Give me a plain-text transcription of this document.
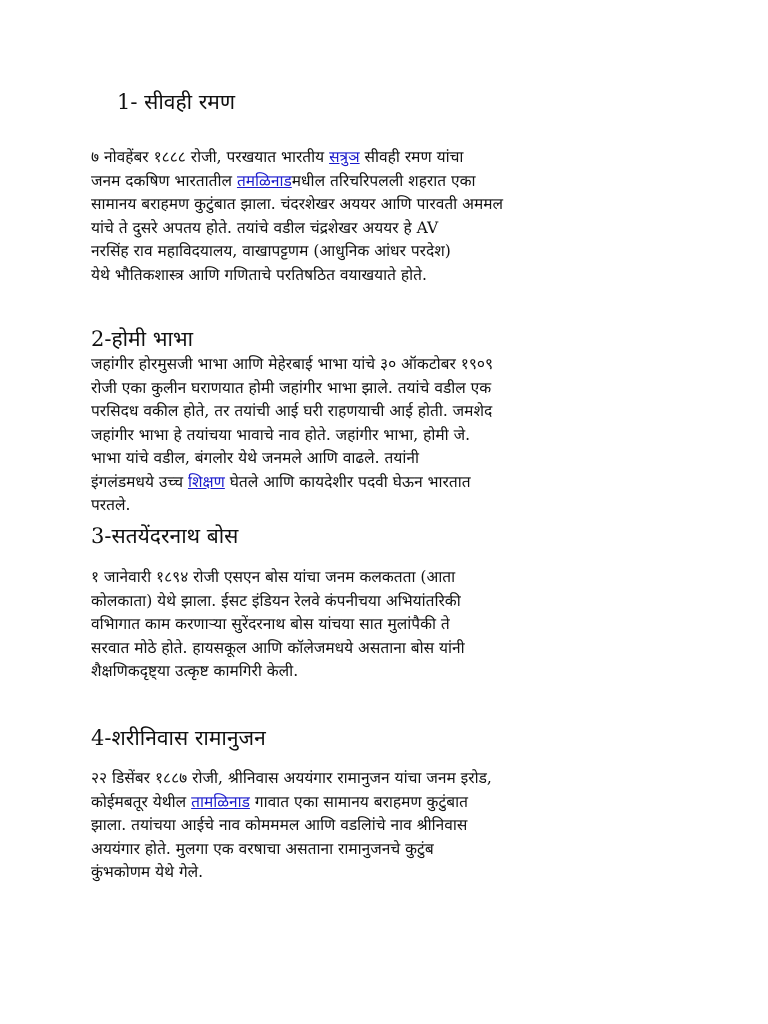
1- सीवही रमण
७ नोवहेंबर १८८८ रोजी, परखयात भारतीय सत्रुञ सीवही रमण यांचा
जनम दकषिण भारतातील तमळिनाडमधील तरिचरिपलली शहरात एका
सामानय बराहमण कुटुंबात झाला. चंदरशेखर अययर आणि पारवती अममल
यांचे ते दुसरे अपतय होते. तयांचे वडील चंद्रशेखर अययर हे AV
नरसिंह राव महाविदयालय, वाखापट्टणम (आधुनिक आंधर परदेश)
येथे भौतिकशास्त्र आणि गणिताचे परतिषठित वयाखयाते होते.
2-होमी भाभा
जहांगीर होरमुसजी भाभा आणि मेहेरबाई भाभा यांचे ३० ऑकटोबर १९०९
रोजी एका कुलीन घराणयात होमी जहांगीर भाभा झाले. तयांचे वडील एक
परसिदध वकील होते, तर तयांची आई घरी राहणयाची आई होती. जमशेद
जहांगीर भाभा हे तयांचया भावाचे नाव होते. जहांगीर भाभा, होमी जे.
भाभा यांचे वडील, बंगलोर येथे जनमले आणि वाढले. तयांनी
इंगलंडमधये उच्च शिक्षण घेतले आणि कायदेशीर पदवी घेऊन भारतात
परतले.
3-सतयेंदरनाथ बोस
१ जानेवारी १८९४ रोजी एसएन बोस यांचा जनम कलकतता (आता
कोलकाता) येथे झाला. ईसट इंडियन रेलवे कंपनीचया अभियांतरिकी
वभिागात काम करणाऱ्या सुरेंदरनाथ बोस यांचया सात मुलांपैकी ते
सरवात मोठे होते. हायसकूल आणि कॉलेजमधये असताना बोस यांनी
शैक्षणिकदृष्ट्या उत्कृष्ट कामगिरी केली.
4-शरीनिवास रामानुजन
२२ डिसेंबर १८८७ रोजी, श्रीनिवास अययंगार रामानुजन यांचा जनम इरोड,
कोईमबतूर येथील तामळिनाड गावात एका सामानय बराहमण कुटुंबात
झाला. तयांचया आईचे नाव कोमममल आणि वडलिांचे नाव श्रीनिवास
अययंगार होते. मुलगा एक वरषाचा असताना रामानुजनचे कुटुंब
कुंभकोणम येथे गेले.
